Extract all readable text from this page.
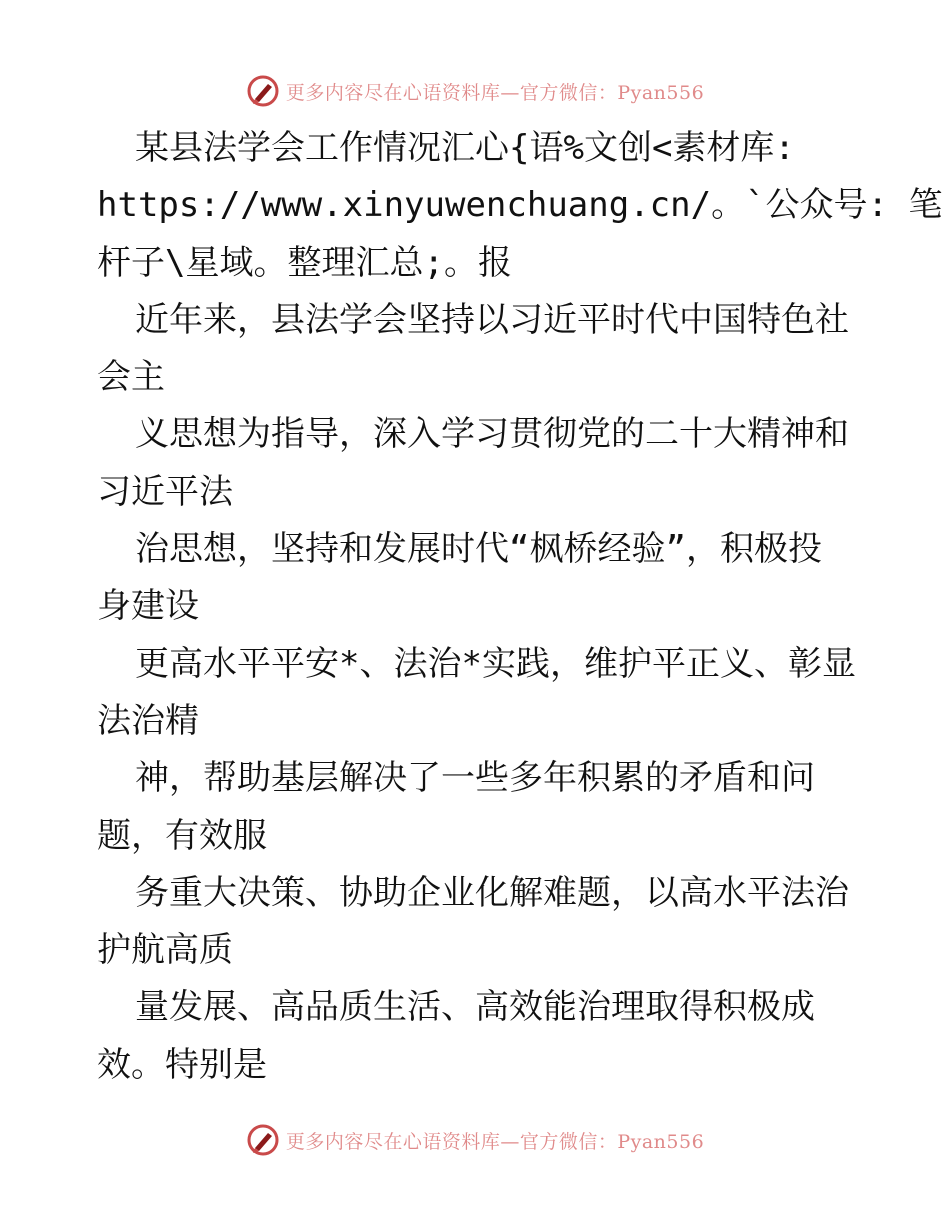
更多内容尽在心语资料库—官方微信：Pyan556
某县法学会工作情况汇心{语%文创<素材库:
https://www.xinyuwenchuang.cn/。`公众号: 笔
杆子\星域。整理汇总;。报
近年来，县法学会坚持以习近平时代中国特色社
会主
义思想为指导，深入学习贯彻党的二十大精神和
习近平法
治思想，坚持和发展时代“枫桥经验”，积极投
身建设
更高水平平安*、法治*实践，维护平正义、彰显
法治精
神，帮助基层解决了一些多年积累的矛盾和问
题，有效服
务重大决策、协助企业化解难题，以高水平法治
护航高质
量发展、高品质生活、高效能治理取得积极成
效。特别是
更多内容尽在心语资料库—官方微信：Pyan556
